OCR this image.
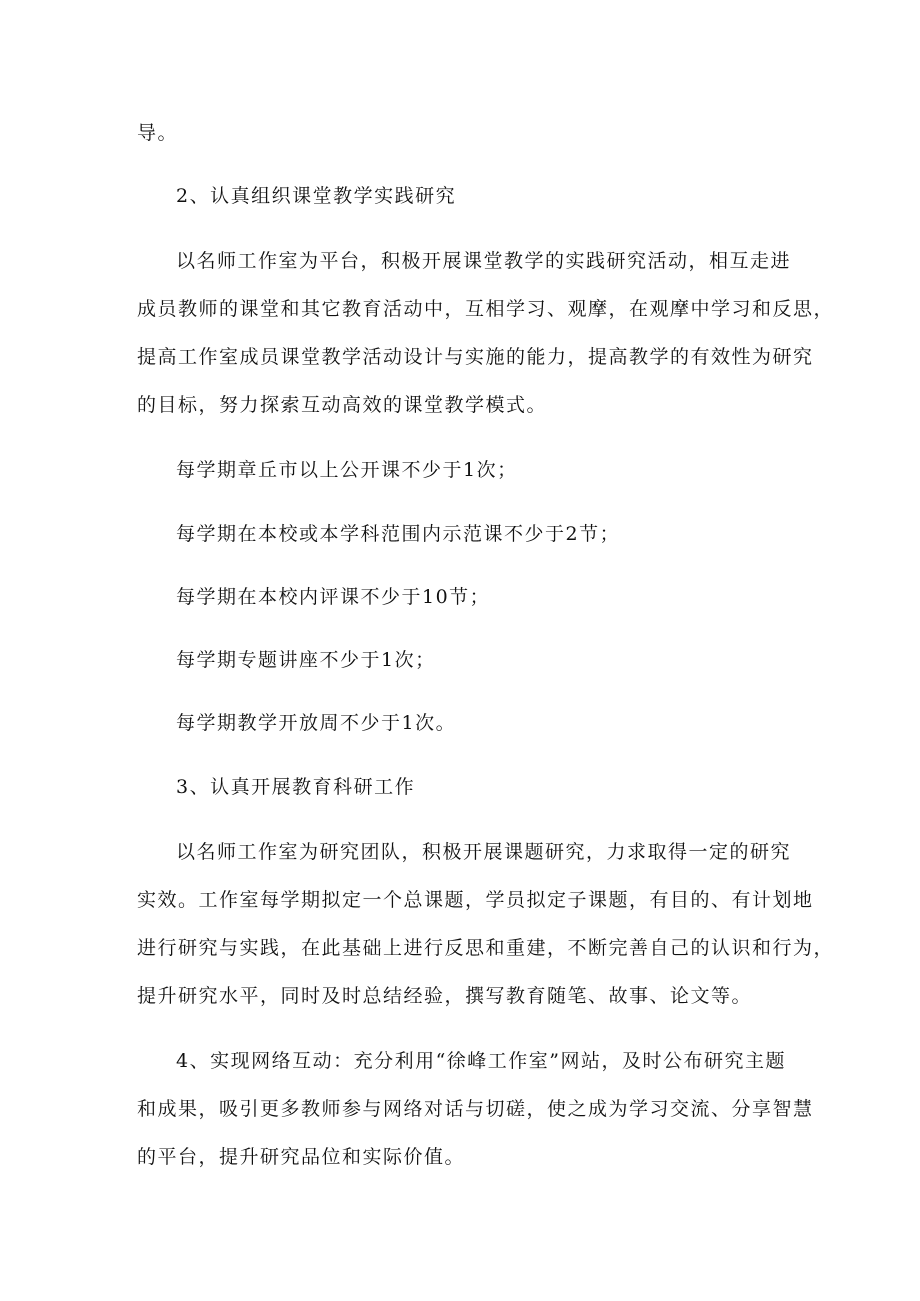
导。
2、认真组织课堂教学实践研究
以名师工作室为平台，积极开展课堂教学的实践研究活动，相互走进
成员教师的课堂和其它教育活动中，互相学习、观摩，在观摩中学习和反思，
提高工作室成员课堂教学活动设计与实施的能力，提高教学的有效性为研究
的目标，努力探索互动高效的课堂教学模式。
每学期章丘市以上公开课不少于1次；
每学期在本校或本学科范围内示范课不少于2节；
每学期在本校内评课不少于10节；
每学期专题讲座不少于1次；
每学期教学开放周不少于1次。
3、认真开展教育科研工作
以名师工作室为研究团队，积极开展课题研究，力求取得一定的研究
实效。工作室每学期拟定一个总课题，学员拟定子课题，有目的、有计划地
进行研究与实践，在此基础上进行反思和重建，不断完善自己的认识和行为，
提升研究水平，同时及时总结经验，撰写教育随笔、故事、论文等。
4、实现网络互动：充分利用“徐峰工作室”网站，及时公布研究主题
和成果，吸引更多教师参与网络对话与切磋，使之成为学习交流、分享智慧
的平台，提升研究品位和实际价值。
